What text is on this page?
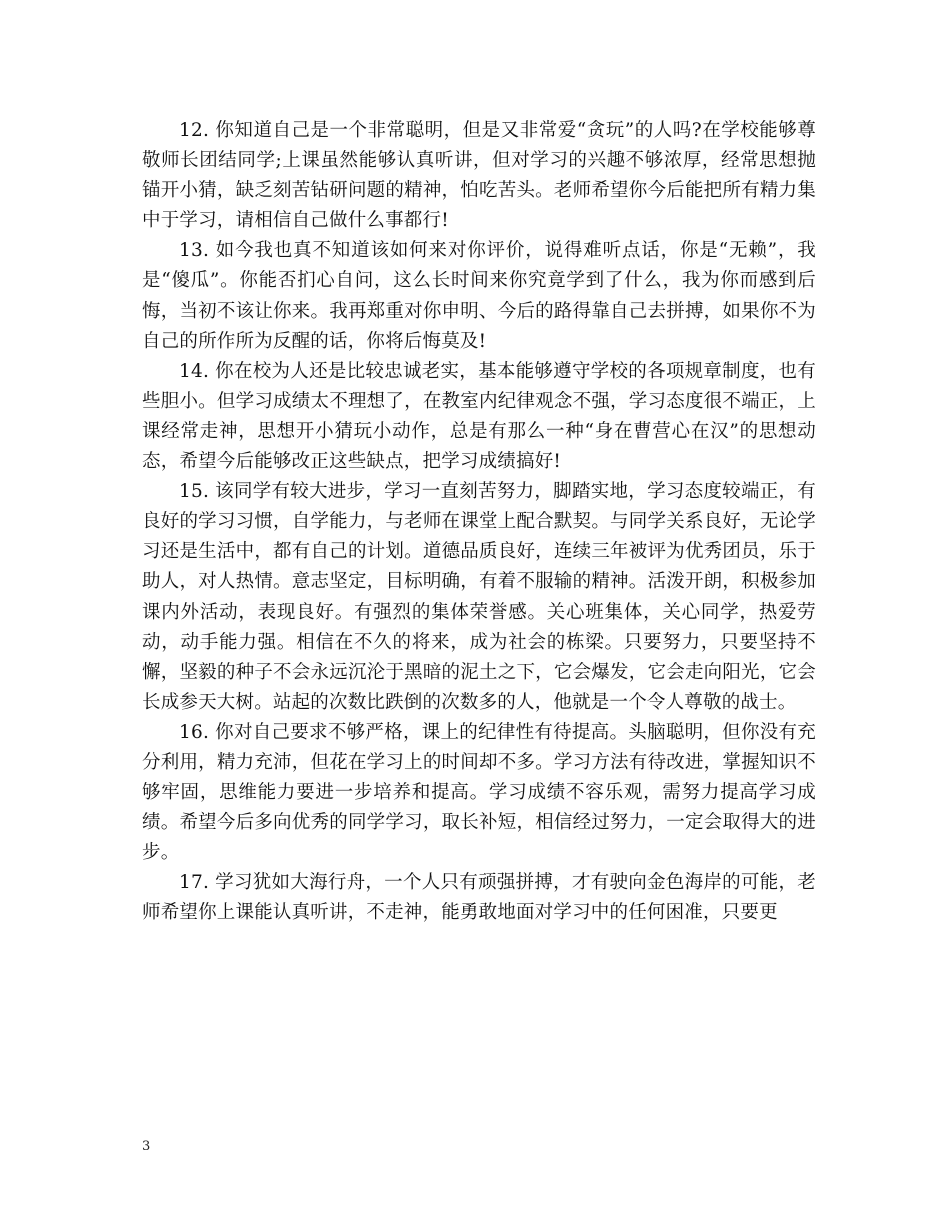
12. 你知道自己是一个非常聪明，但是又非常爱“贪玩”的人吗?在学校能够尊敬师长团结同学;上课虽然能够认真听讲，但对学习的兴趣不够浓厚，经常思想抛锚开小猜，缺乏刻苦钻研问题的精神，怕吃苦头。老师希望你今后能把所有精力集中于学习，请相信自己做什么事都行!

13. 如今我也真不知道该如何来对你评价，说得难听点话，你是“无赖”，我是“傻瓜”。你能否扪心自问，这么长时间来你究竟学到了什么，我为你而感到后悔，当初不该让你来。我再郑重对你申明、今后的路得靠自己去拼搏，如果你不为自己的所作所为反醒的话，你将后悔莫及!

14. 你在校为人还是比较忠诚老实，基本能够遵守学校的各项规章制度，也有些胆小。但学习成绩太不理想了，在教室内纪律观念不强，学习态度很不端正，上课经常走神，思想开小猜玩小动作，总是有那么一种“身在曹营心在汉”的思想动态，希望今后能够改正这些缺点，把学习成绩搞好!

15. 该同学有较大进步，学习一直刻苦努力，脚踏实地，学习态度较端正，有良好的学习习惯，自学能力，与老师在课堂上配合默契。与同学关系良好，无论学习还是生活中，都有自己的计划。道德品质良好，连续三年被评为优秀团员，乐于助人，对人热情。意志坚定，目标明确，有着不服输的精神。活泼开朗，积极参加课内外活动，表现良好。有强烈的集体荣誉感。关心班集体，关心同学，热爱劳动，动手能力强。相信在不久的将来，成为社会的栋梁。只要努力，只要坚持不懈，坚毅的种子不会永远沉沦于黑暗的泥土之下，它会爆发，它会走向阳光，它会长成参天大树。站起的次数比跌倒的次数多的人，他就是一个令人尊敬的战士。

16. 你对自己要求不够严格，课上的纪律性有待提高。头脑聪明，但你没有充分利用，精力充沛，但花在学习上的时间却不多。学习方法有待改进，掌握知识不够牢固，思维能力要进一步培养和提高。学习成绩不容乐观，需努力提高学习成绩。希望今后多向优秀的同学学习，取长补短，相信经过努力，一定会取得大的进步。

17. 学习犹如大海行舟，一个人只有顽强拼搏，才有驶向金色海岸的可能，老师希望你上课能认真听讲，不走神，能勇敢地面对学习中的任何困准，只要更

3
